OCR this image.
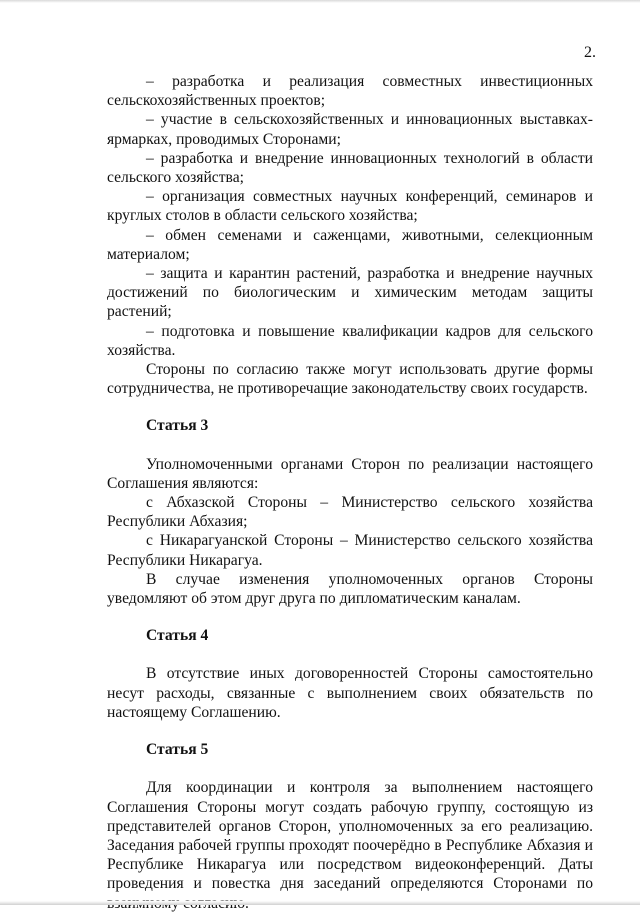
2.

– разработка и реализация совместных инвестиционных сельскохозяйственных проектов;

– участие в сельскохозяйственных и инновационных выставках-ярмарках, проводимых Сторонами;

– разработка и внедрение инновационных технологий в области сельского хозяйства;

– организация совместных научных конференций, семинаров и круглых столов в области сельского хозяйства;

– обмен семенами и саженцами, животными, селекционным материалом;

– защита и карантин растений, разработка и внедрение научных достижений по биологическим и химическим методам защиты растений;

– подготовка и повышение квалификации кадров для сельского хозяйства.

Стороны по согласию также могут использовать другие формы сотрудничества, не противоречащие законодательству своих государств.

Статья 3

Уполномоченными органами Сторон по реализации настоящего Соглашения являются:

с Абхазской Стороны – Министерство сельского хозяйства Республики Абхазия;

с Никарагуанской Стороны – Министерство сельского хозяйства Республики Никарагуа.

В случае изменения уполномоченных органов Стороны уведомляют об этом друг друга по дипломатическим каналам.

Статья 4

В отсутствие иных договоренностей Стороны самостоятельно несут расходы, связанные с выполнением своих обязательств по настоящему Соглашению.

Статья 5

Для координации и контроля за выполнением настоящего Соглашения Стороны могут создать рабочую группу, состоящую из представителей органов Сторон, уполномоченных за его реализацию. Заседания рабочей группы проходят поочерёдно в Республике Абхазия и Республике Никарагуа или посредством видеоконференций. Даты проведения и повестка дня заседаний определяются Сторонами по
